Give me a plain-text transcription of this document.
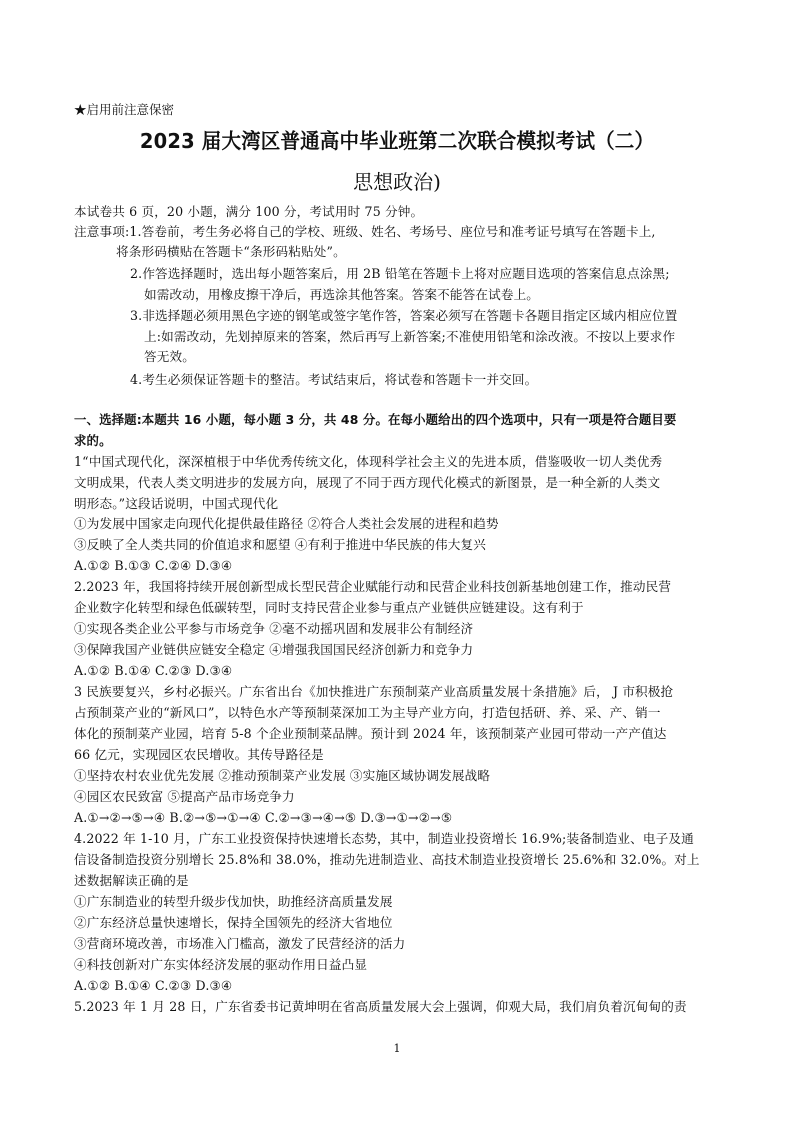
★启用前注意保密
2023 届大湾区普通高中毕业班第二次联合模拟考试（二）
思想政治)
本试卷共 6 页，20 小题，满分 100 分，考试用时 75 分钟。
注意事项:1.答卷前，考生务必将自己的学校、班级、姓名、考场号、座位号和准考证号填写在答题卡上,
将条形码横贴在答题卡“条形码粘贴处”。
2.作答选择题时，选出每小题答案后，用 2B 铅笔在答题卡上将对应题目选项的答案信息点涂黑;
如需改动，用橡皮擦干净后，再选涂其他答案。答案不能答在试卷上。
3.非选择题必须用黑色字迹的钢笔或签字笔作答，答案必须写在答题卡各题目指定区域内相应位置
上:如需改动，先划掉原来的答案，然后再写上新答案;不准使用铅笔和涂改液。不按以上要求作
答无效。
4.考生必须保证答题卡的整洁。考试结束后，将试卷和答题卡一并交回。
一、选择题:本题共 16 小题，每小题 3 分，共 48 分。在每小题给出的四个选项中，只有一项是符合题目要
求的。
1“中国式现代化，深深植根于中华优秀传统文化，体现科学社会主义的先进本质，借鉴吸收一切人类优秀
文明成果，代表人类文明进步的发展方向，展现了不同于西方现代化模式的新图景，是一种全新的人类文
明形态。”这段话说明，中国式现代化
①为发展中国家走向现代化提供最佳路径 ②符合人类社会发展的进程和趋势
③反映了全人类共同的价值追求和愿望 ④有利于推进中华民族的伟大复兴
A.①② B.①③ C.②④ D.③④
2.2023 年，我国将持续开展创新型成长型民营企业赋能行动和民营企业科技创新基地创建工作，推动民营
企业数字化转型和绿色低碳转型，同时支持民营企业参与重点产业链供应链建设。这有利于
①实现各类企业公平参与市场竞争 ②毫不动摇巩固和发展非公有制经济
③保障我国产业链供应链安全稳定 ④增强我国国民经济创新力和竞争力
A.①② B.①④ C.②③ D.③④
3 民族要复兴，乡村必振兴。广东省出台《加快推进广东预制菜产业高质量发展十条措施》后， J 市积极抢
占预制菜产业的“新风口”，以特色水产等预制菜深加工为主导产业方向，打造包括研、养、采、产、销一
体化的预制菜产业园，培育 5-8 个企业预制菜品牌。预计到 2024 年，该预制菜产业园可带动一产产值达
66 亿元，实现园区农民增收。其传导路径是
①坚持农村农业优先发展 ②推动预制菜产业发展 ③实施区域协调发展战略
④园区农民致富 ⑤提高产品市场竞争力
A.①→②→⑤→④ B.②→⑤→①→④ C.②→③→④→⑤ D.③→①→②→⑤
4.2022 年 1-10 月，广东工业投资保持快速增长态势，其中，制造业投资增长 16.9%;装备制造业、电子及通
信设备制造投资分别增长 25.8%和 38.0%，推动先进制造业、高技术制造业投资增长 25.6%和 32.0%。对上
述数据解读正确的是
①广东制造业的转型升级步伐加快，助推经济高质量发展
②广东经济总量快速增长，保持全国领先的经济大省地位
③营商环境改善，市场准入门槛高，激发了民营经济的活力
④科技创新对广东实体经济发展的驱动作用日益凸显
A.①② B.①④ C.②③ D.③④
5.2023 年 1 月 28 日，广东省委书记黄坤明在省高质量发展大会上强调，仰观大局，我们肩负着沉甸甸的责
1
